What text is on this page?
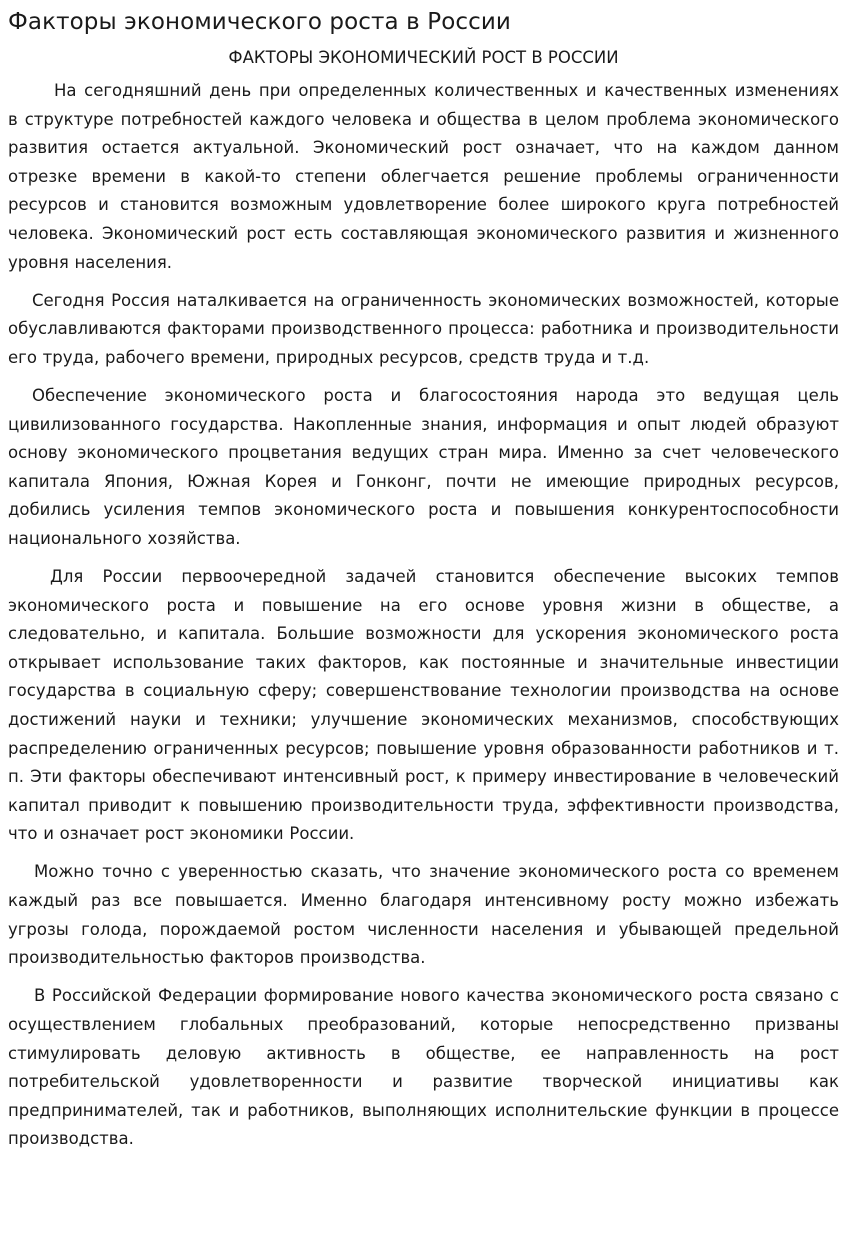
Факторы экономического роста в России
ФАКТОРЫ ЭКОНОМИЧЕСКИЙ РОСТ В РОССИИ

На сегодняшний день при определенных количественных и качественных изменениях в структуре потребностей каждого человека и общества в целом проблема экономического развития остается актуальной. Экономический рост означает, что на каждом данном отрезке времени в какой-то степени облегчается решение проблемы ограниченности ресурсов и становится возможным удовлетворение более широкого круга потребностей человека. Экономический рост есть составляющая экономического развития и жизненного уровня населения.

Сегодня Россия наталкивается на ограниченность экономических возможностей, которые обуславливаются факторами производственного процесса: работника и производительности его труда, рабочего времени, природных ресурсов, средств труда и т.д.

Обеспечение экономического роста и благосостояния народа это ведущая цель цивилизованного государства. Накопленные знания, информация и опыт людей образуют основу экономического процветания ведущих стран мира. Именно за счет человеческого капитала Япония, Южная Корея и Гонконг, почти не имеющие природных ресурсов, добились усиления темпов экономического роста и повышения конкурентоспособности национального хозяйства.

Для России первоочередной задачей становится обеспечение высоких темпов экономического роста и повышение на его основе уровня жизни в обществе, а следовательно, и капитала. Большие возможности для ускорения экономического роста открывает использование таких факторов, как постоянные и значительные инвестиции государства в социальную сферу; совершенствование технологии производства на основе достижений науки и техники; улучшение экономических механизмов, способствующих распределению ограниченных ресурсов; повышение уровня образованности работников и т. п. Эти факторы обеспечивают интенсивный рост, к примеру инвестирование в человеческий капитал приводит к повышению производительности труда, эффективности производства, что и означает рост экономики России.

Можно точно с уверенностью сказать, что значение экономического роста со временем каждый раз все повышается. Именно благодаря интенсивному росту можно избежать угрозы голода, порождаемой ростом численности населения и убывающей предельной производительностью факторов производства.

В Российской Федерации формирование нового качества экономического роста связано с осуществлением глобальных преобразований, которые непосредственно призваны стимулировать деловую активность в обществе, ее направленность на рост потребительской удовлетворенности и развитие творческой инициативы как предпринимателей, так и работников, выполняющих исполнительские функции в процессе производства.
